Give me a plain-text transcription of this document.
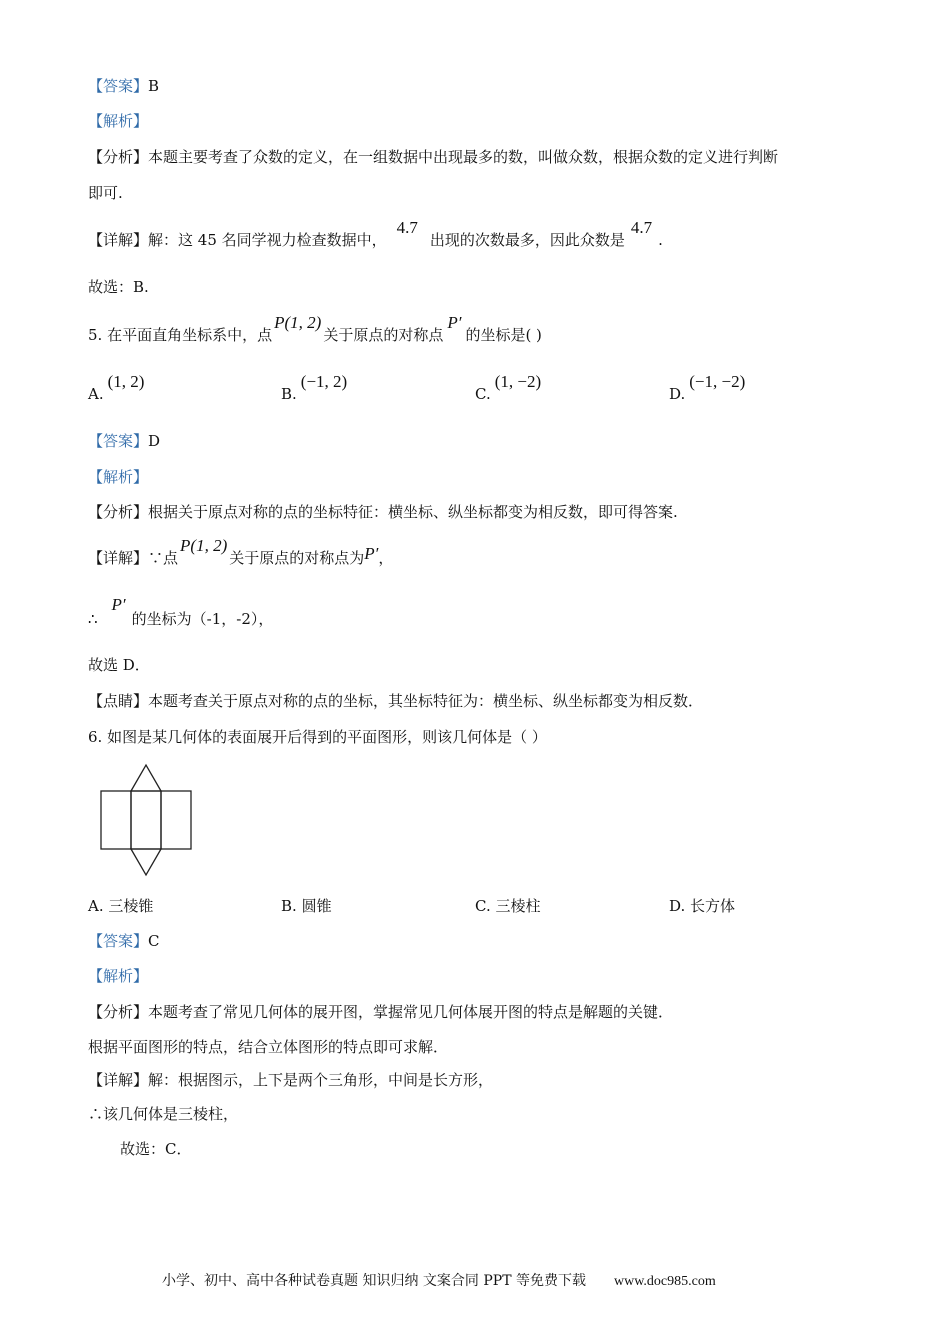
【答案】B
【解析】
【分析】本题主要考查了众数的定义，在一组数据中出现最多的数，叫做众数，根据众数的定义进行判断
即可.
【详解】解：这 45 名同学视力检查数据中，4.7出现的次数最多，因此众数是4.7.
故选：B.
5. 在平面直角坐标系中，点P(1, 2)关于原点的对称点P′的坐标是( )
A.(1, 2)
B.(−1, 2)
C.(1, −2)
D.(−1, −2)
【答案】D
【解析】
【分析】根据关于原点对称的点的坐标特征：横坐标、纵坐标都变为相反数，即可得答案.
【详解】∵点P(1, 2)关于原点的对称点为P′，
∴P′的坐标为（-1，-2），
故选 D．
【点睛】本题考查关于原点对称的点的坐标，其坐标特征为：横坐标、纵坐标都变为相反数．
6. 如图是某几何体的表面展开后得到的平面图形，则该几何体是（ ）
A. 三棱锥	B. 圆锥	C. 三棱柱	D. 长方体
【答案】C
【解析】
【分析】本题考查了常见几何体的展开图，掌握常见几何体展开图的特点是解题的关键．
根据平面图形的特点，结合立体图形的特点即可求解．
【详解】解：根据图示，上下是两个三角形，中间是长方形，
∴该几何体是三棱柱，
故选：C．
小学、初中、高中各种试卷真题 知识归纳 文案合同 PPT 等免费下载 www.doc985.com
